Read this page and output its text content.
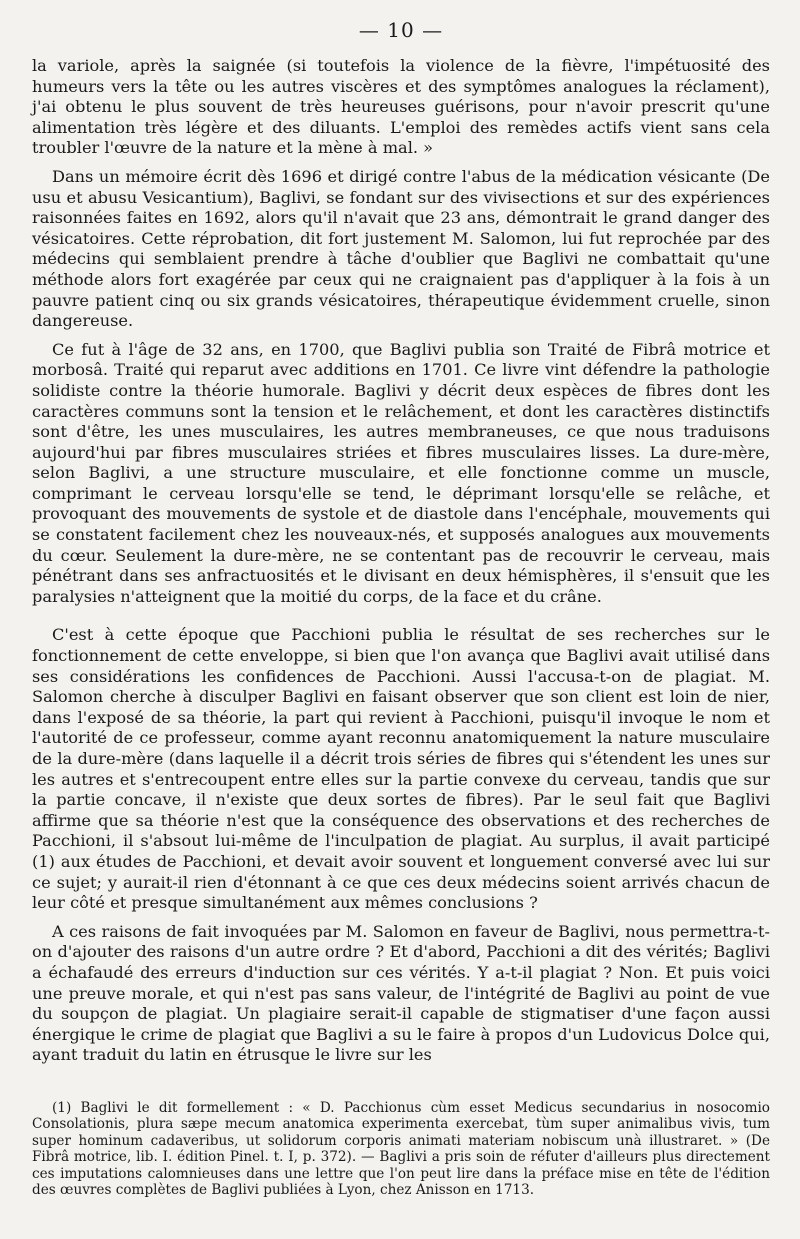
— 10 —

la variole, après la saignée (si toutefois la violence de la fièvre, l'impétuosité des humeurs vers la tête ou les autres viscères et des symptômes analogues la réclament), j'ai obtenu le plus souvent de très heureuses guérisons, pour n'avoir prescrit qu'une alimentation très légère et des diluants. L'emploi des remèdes actifs vient sans cela troubler l'œuvre de la nature et la mène à mal. »

Dans un mémoire écrit dès 1696 et dirigé contre l'abus de la médication vésicante (De usu et abusu Vesicantium), Baglivi, se fondant sur des vivisections et sur des expériences raisonnées faites en 1692, alors qu'il n'avait que 23 ans, démontrait le grand danger des vésicatoires. Cette réprobation, dit fort justement M. Salomon, lui fut reprochée par des médecins qui semblaient prendre à tâche d'oublier que Baglivi ne combattait qu'une méthode alors fort exagérée par ceux qui ne craignaient pas d'appliquer à la fois à un pauvre patient cinq ou six grands vésicatoires, thérapeutique évidemment cruelle, sinon dangereuse.

Ce fut à l'âge de 32 ans, en 1700, que Baglivi publia son Traité de Fibrâ motrice et morbosâ. Traité qui reparut avec additions en 1701. Ce livre vint défendre la pathologie solidiste contre la théorie humorale. Baglivi y décrit deux espèces de fibres dont les caractères communs sont la tension et le relâchement, et dont les caractères distinctifs sont d'être, les unes musculaires, les autres membraneuses, ce que nous traduisons aujourd'hui par fibres musculaires striées et fibres musculaires lisses. La dure-mère, selon Baglivi, a une structure musculaire, et elle fonctionne comme un muscle, comprimant le cerveau lorsqu'elle se tend, le déprimant lorsqu'elle se relâche, et provoquant des mouvements de systole et de diastole dans l'encéphale, mouvements qui se constatent facilement chez les nouveaux-nés, et supposés analogues aux mouvements du cœur. Seulement la dure-mère, ne se contentant pas de recouvrir le cerveau, mais pénétrant dans ses anfractuosités et le divisant en deux hémisphères, il s'ensuit que les paralysies n'atteignent que la moitié du corps, de la face et du crâne.

C'est à cette époque que Pacchioni publia le résultat de ses recherches sur le fonctionnement de cette enveloppe, si bien que l'on avança que Baglivi avait utilisé dans ses considérations les confidences de Pacchioni. Aussi l'accusa-t-on de plagiat. M. Salomon cherche à disculper Baglivi en faisant observer que son client est loin de nier, dans l'exposé de sa théorie, la part qui revient à Pacchioni, puisqu'il invoque le nom et l'autorité de ce professeur, comme ayant reconnu anatomiquement la nature musculaire de la dure-mère (dans laquelle il a décrit trois séries de fibres qui s'étendent les unes sur les autres et s'entrecoupent entre elles sur la partie convexe du cerveau, tandis que sur la partie concave, il n'existe que deux sortes de fibres). Par le seul fait que Baglivi affirme que sa théorie n'est que la conséquence des observations et des recherches de Pacchioni, il s'absout lui-même de l'inculpation de plagiat. Au surplus, il avait participé (1) aux études de Pacchioni, et devait avoir souvent et longuement conversé avec lui sur ce sujet; y aurait-il rien d'étonnant à ce que ces deux médecins soient arrivés chacun de leur côté et presque simultanément aux mêmes conclusions ?

A ces raisons de fait invoquées par M. Salomon en faveur de Baglivi, nous permettra-t-on d'ajouter des raisons d'un autre ordre ? Et d'abord, Pacchioni a dit des vérités; Baglivi a échafaudé des erreurs d'induction sur ces vérités. Y a-t-il plagiat ? Non. Et puis voici une preuve morale, et qui n'est pas sans valeur, de l'intégrité de Baglivi au point de vue du soupçon de plagiat. Un plagiaire serait-il capable de stigmatiser d'une façon aussi énergique le crime de plagiat que Baglivi a su le faire à propos d'un Ludovicus Dolce qui, ayant traduit du latin en étrusque le livre sur les

(1) Baglivi le dit formellement : « D. Pacchionus cùm esset Medicus secundarius in nosocomio Consolationis, plura sæpe mecum anatomica experimenta exercebat, tùm super animalibus vivis, tum super hominum cadaveribus, ut solidorum corporis animati materiam nobiscum unà illustraret. » (De Fibrâ motrice, lib. I. édition Pinel. t. I, p. 372). — Baglivi a pris soin de réfuter d'ailleurs plus directement ces imputations calomnieuses dans une lettre que l'on peut lire dans la préface mise en tête de l'édition des œuvres complètes de Baglivi publiées à Lyon, chez Anisson en 1713.
